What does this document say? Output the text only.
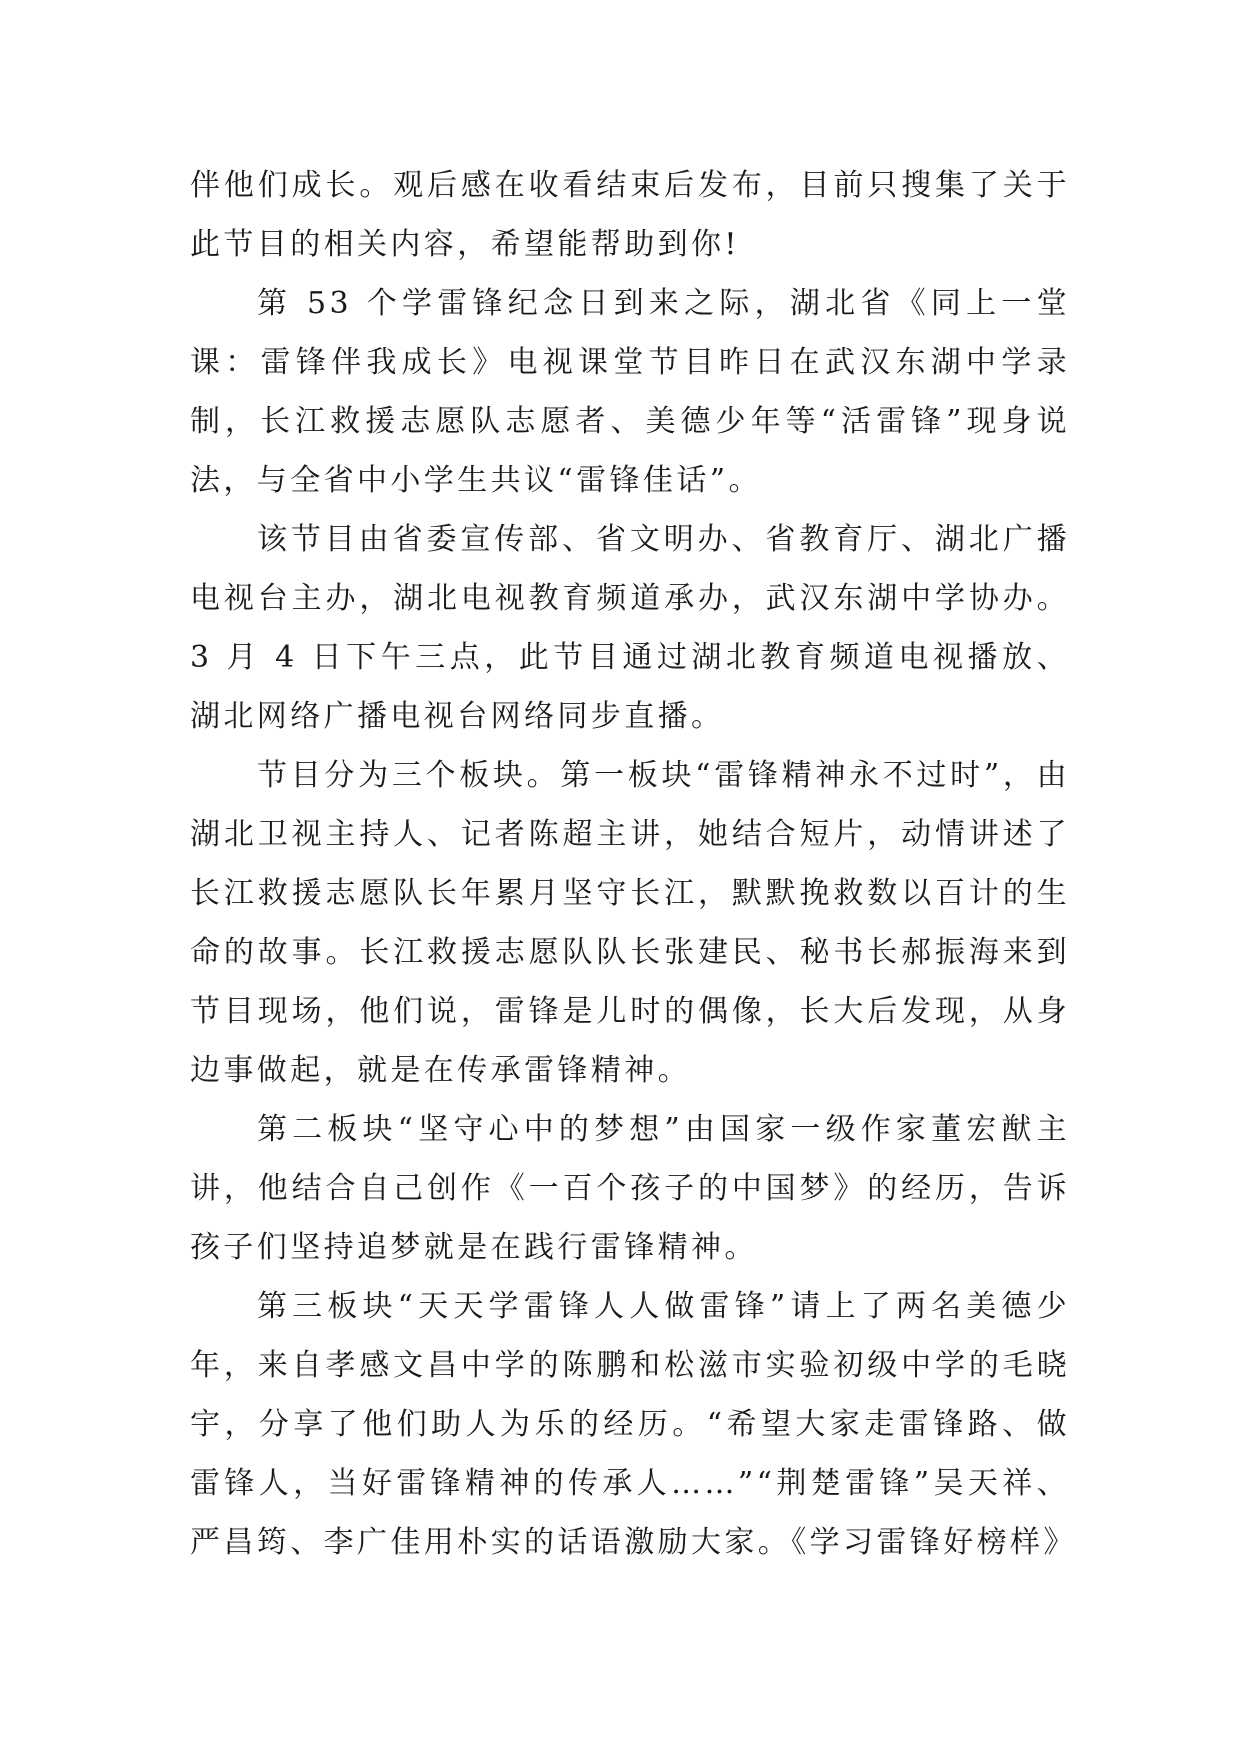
伴他们成长。观后感在收看结束后发布，目前只搜集了关于此节目的相关内容，希望能帮助到你!

第 53 个学雷锋纪念日到来之际，湖北省《同上一堂课：雷锋伴我成长》电视课堂节目昨日在武汉东湖中学录制，长江救援志愿队志愿者、美德少年等“活雷锋”现身说法，与全省中小学生共议“雷锋佳话”。

该节目由省委宣传部、省文明办、省教育厅、湖北广播电视台主办，湖北电视教育频道承办，武汉东湖中学协办。3 月 4 日下午三点，此节目通过湖北教育频道电视播放、湖北网络广播电视台网络同步直播。

节目分为三个板块。第一板块“雷锋精神永不过时”，由湖北卫视主持人、记者陈超主讲，她结合短片，动情讲述了长江救援志愿队长年累月坚守长江，默默挽救数以百计的生命的故事。长江救援志愿队队长张建民、秘书长郝振海来到节目现场，他们说，雷锋是儿时的偶像，长大后发现，从身边事做起，就是在传承雷锋精神。

第二板块“坚守心中的梦想”由国家一级作家董宏猷主讲，他结合自己创作《一百个孩子的中国梦》的经历，告诉孩子们坚持追梦就是在践行雷锋精神。

第三板块“天天学雷锋人人做雷锋”请上了两名美德少年，来自孝感文昌中学的陈鹏和松滋市实验初级中学的毛晓宇，分享了他们助人为乐的经历。“希望大家走雷锋路、做雷锋人，当好雷锋精神的传承人……”“荆楚雷锋”吴天祥、严昌筠、李广佳用朴实的话语激励大家。《学习雷锋好榜样》
